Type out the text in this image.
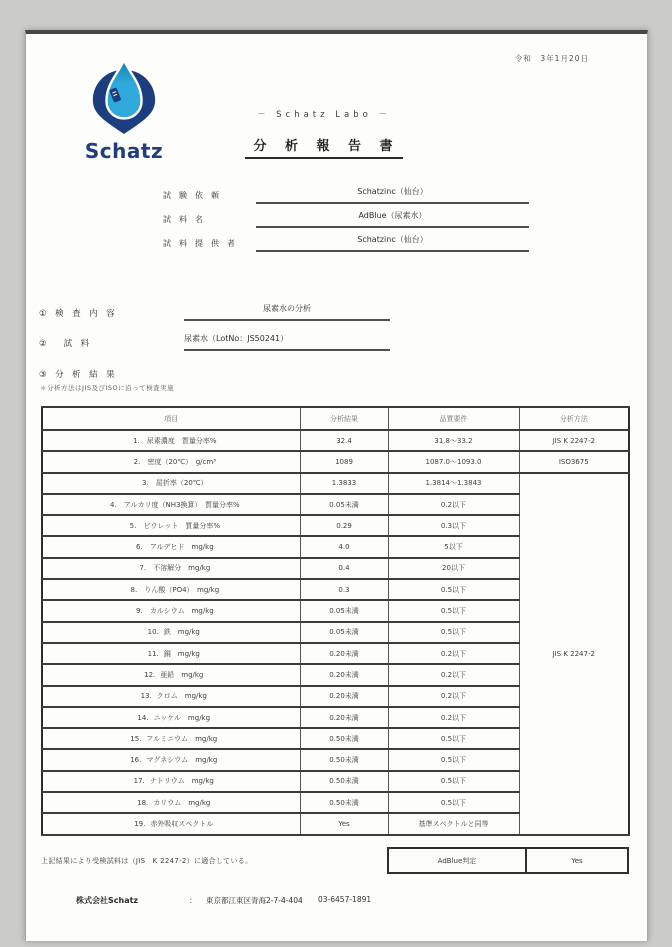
令和　3年1月20日
Schatz
－ Schatz Labo －
分 析 報 告 書
試　験　依　頼	Schatzinc（仙台）
試　料　名	AdBlue（尿素水）
試　料　提　供　者	Schatzinc（仙台）
①　検　査　内　容
尿素水の分析
②　　試　料
尿素水（LotNo：JS50241）
③　分　析　結　果
＊分析方法はJIS及びISOに沿って検査実施
項目	分析結果	品質要件	分析方法
1. 尿素濃度　質量分率%	32.4	31.8～33.2	JIS K 2247-2
2. 密度（20℃）　g/cm³	1089	1087.0～1093.0	ISO3675
3. 屈折率（20℃）	1.3833	1.3814～1.3843	JIS K 2247-2
4. アルカリ度（NH3換算）　質量分率%	0.05未満	0.2以下	
5. ビウレット　質量分率%	0.29	0.3以下	
6. アルデヒド　mg/kg	4.0	5以下	
7. 不溶解分　mg/kg	0.4	20以下	
8. りん酸（PO4）　mg/kg	0.3	0.5以下	
9. カルシウム　mg/kg	0.05未満	0.5以下	
10. 鉄　mg/kg	0.05未満	0.5以下	
11. 銅　mg/kg	0.20未満	0.2以下	
12. 亜鉛　mg/kg	0.20未満	0.2以下	
13. クロム　mg/kg	0.20未満	0.2以下	
14. ニッケル　mg/kg	0.20未満	0.2以下	
15. アルミニウム　mg/kg	0.50未満	0.5以下	
16. マグネシウム　mg/kg	0.50未満	0.5以下	
17. ナトリウム　mg/kg	0.50未満	0.5以下	
18. カリウム　mg/kg	0.50未満	0.5以下	
19. 赤外吸収スペクトル	Yes	基準スペクトルと同等	
上記結果により受検試料は（JIS　K 2247-2）に適合している。	AdBlue判定	Yes
株式会社Schatz	： 東京都江東区青海2-7-4-404 03-6457-1891
